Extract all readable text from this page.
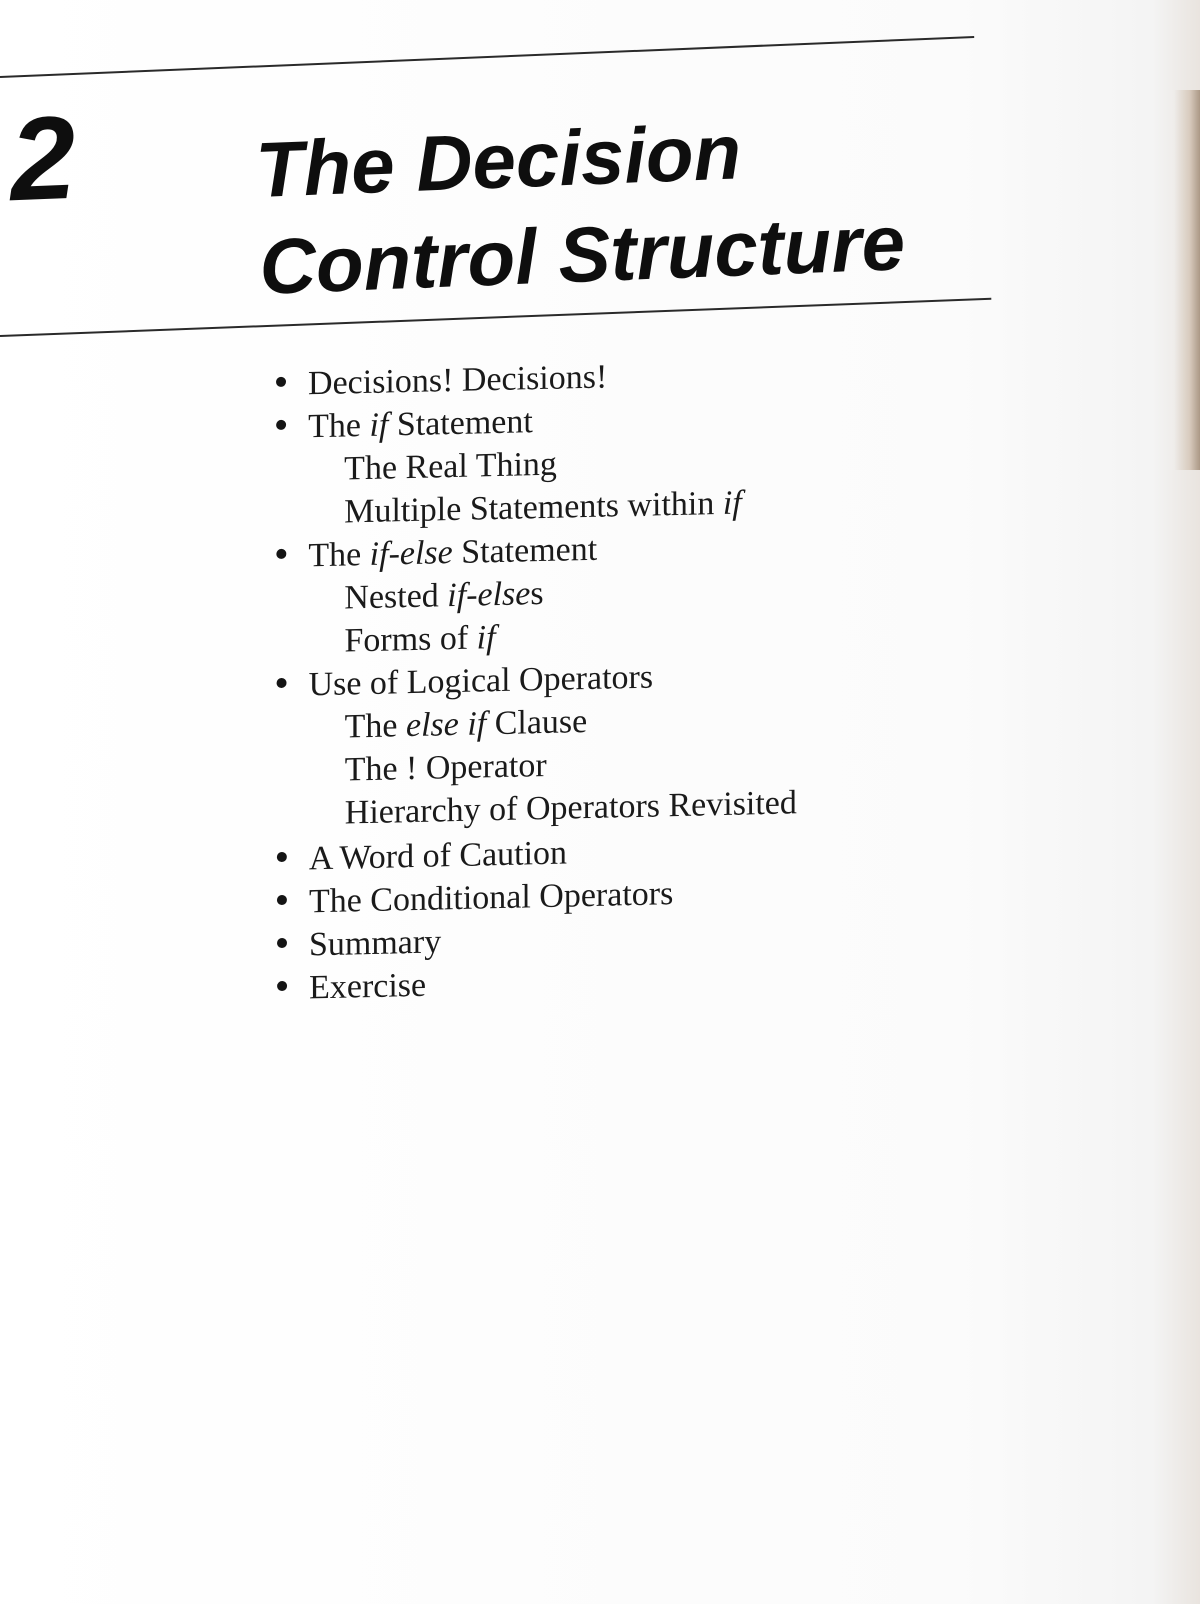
2 The Decision
Control Structure
Decisions! Decisions!
The if Statement
The Real Thing
Multiple Statements within if
The if-else Statement
Nested if-elses
Forms of if
Use of Logical Operators
The else if Clause
The ! Operator
Hierarchy of Operators Revisited
A Word of Caution
The Conditional Operators
Summary
Exercise
